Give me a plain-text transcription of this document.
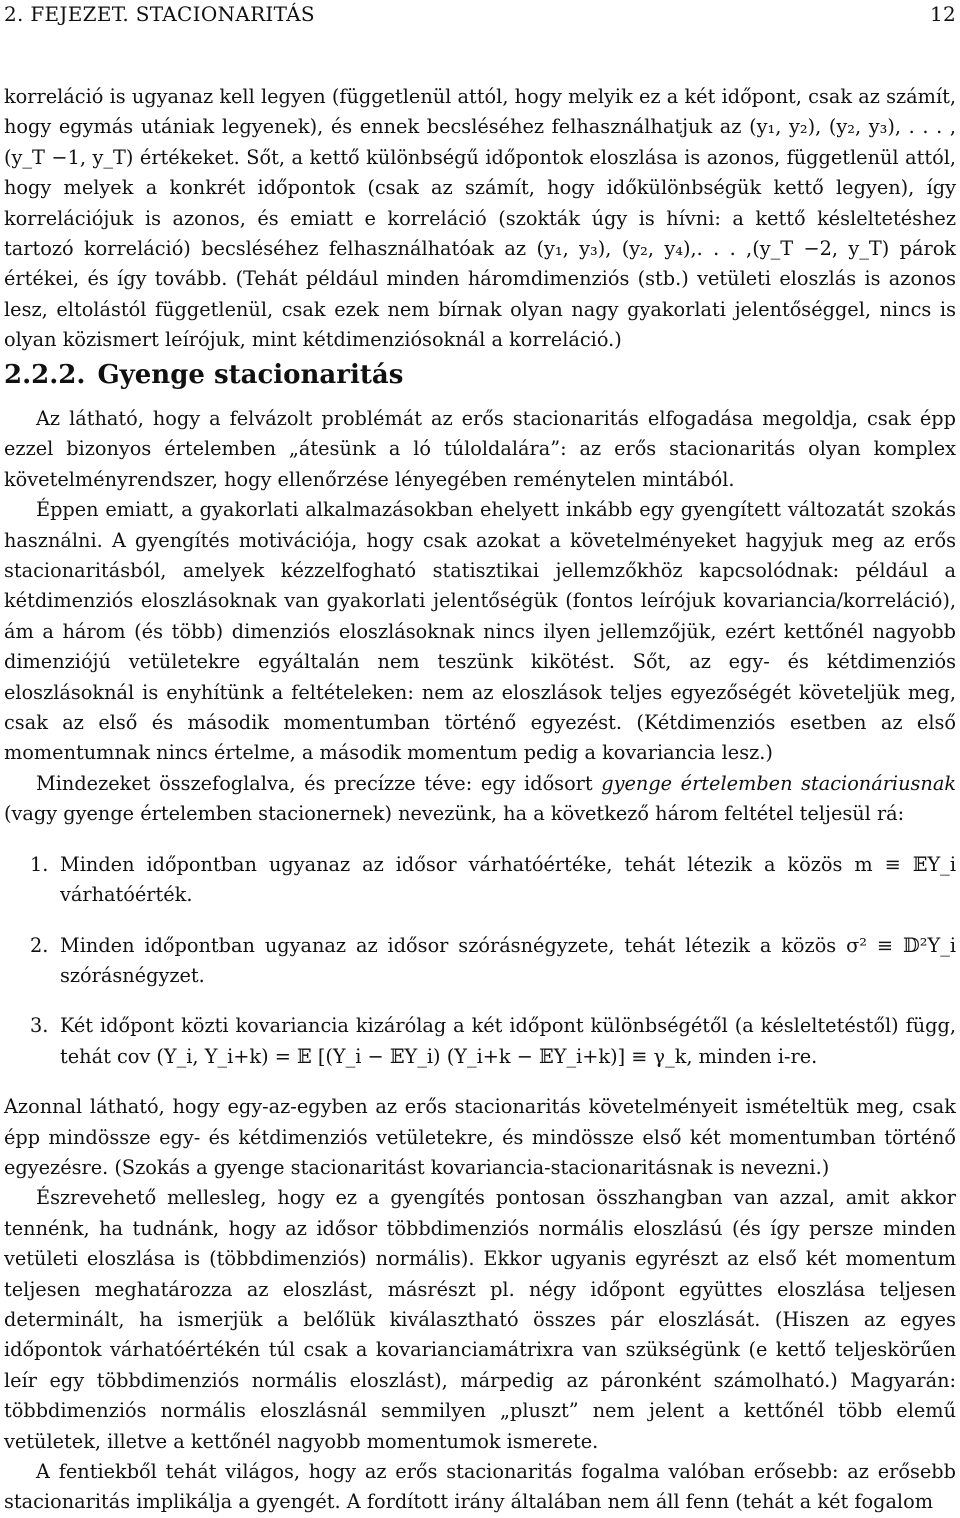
2. FEJEZET. STACIONARITÁS	12

korreláció is ugyanaz kell legyen (függetlenül attól, hogy melyik ez a két időpont, csak az számít, hogy egymás utániak legyenek), és ennek becsléséhez felhasználhatjuk az (y₁, y₂), (y₂, y₃), . . . , (y_T −1, y_T) értékeket. Sőt, a kettő különbségű időpontok eloszlása is azonos, függetlenül attól, hogy melyek a konkrét időpontok (csak az számít, hogy időkülönbségük kettő legyen), így korrelációjuk is azonos, és emiatt e korreláció (szokták úgy is hívni: a kettő késleltetéshez tartozó korreláció) becsléséhez felhasználhatóak az (y₁, y₃), (y₂, y₄),. . . ,(y_T −2, y_T) párok értékei, és így tovább. (Tehát például minden háromdimenziós (stb.) vetületi eloszlás is azonos lesz, eltolástól függetlenül, csak ezek nem bírnak olyan nagy gyakorlati jelentőséggel, nincs is olyan közismert leírójuk, mint kétdimenziósoknál a korreláció.)

2.2.2. Gyenge stacionaritás

Az látható, hogy a felvázolt problémát az erős stacionaritás elfogadása megoldja, csak épp ezzel bizonyos értelemben „átesünk a ló túloldalára”: az erős stacionaritás olyan komplex követelményrendszer, hogy ellenőrzése lényegében reménytelen mintából.

Éppen emiatt, a gyakorlati alkalmazásokban ehelyett inkább egy gyengített változatát szokás használni. A gyengítés motivációja, hogy csak azokat a követelményeket hagyjuk meg az erős stacionaritásból, amelyek kézzelfogható statisztikai jellemzőkhöz kapcsolódnak: például a kétdimenziós eloszlásoknak van gyakorlati jelentőségük (fontos leírójuk kovariancia/korreláció), ám a három (és több) dimenziós eloszlásoknak nincs ilyen jellemzőjük, ezért kettőnél nagyobb dimenziójú vetületekre egyáltalán nem teszünk kikötést. Sőt, az egy- és kétdimenziós eloszlásoknál is enyhítünk a feltételeken: nem az eloszlások teljes egyezőségét követeljük meg, csak az első és második momentumban történő egyezést. (Kétdimenziós esetben az első momentumnak nincs értelme, a második momentum pedig a kovariancia lesz.)

Mindezeket összefoglalva, és precízze téve: egy idősort gyenge értelemben stacionáriusnak (vagy gyenge értelemben stacionernek) nevezünk, ha a következő három feltétel teljesül rá:

1. Minden időpontban ugyanaz az idősor várhatóértéke, tehát létezik a közös m ≡ 𝔼Y_i várhatóérték.
2. Minden időpontban ugyanaz az idősor szórásnégyzete, tehát létezik a közös σ² ≡ 𝔻²Y_i szórásnégyzet.
3. Két időpont közti kovariancia kizárólag a két időpont különbségétől (a késleltetéstől) függ, tehát cov (Y_i, Y_i+k) = 𝔼 [(Y_i − 𝔼Y_i) (Y_i+k − 𝔼Y_i+k)] ≡ γ_k, minden i-re.

Azonnal látható, hogy egy-az-egyben az erős stacionaritás követelményeit ismételtük meg, csak épp mindössze egy- és kétdimenziós vetületekre, és mindössze első két momentumban történő egyezésre. (Szokás a gyenge stacionaritást kovariancia-stacionaritásnak is nevezni.)

Észrevehető mellesleg, hogy ez a gyengítés pontosan összhangban van azzal, amit akkor tennénk, ha tudnánk, hogy az idősor többdimenziós normális eloszlású (és így persze minden vetületi eloszlása is (többdimenziós) normális). Ekkor ugyanis egyrészt az első két momentum teljesen meghatározza az eloszlást, másrészt pl. négy időpont együttes eloszlása teljesen determinált, ha ismerjük a belőlük kiválasztható összes pár eloszlását. (Hiszen az egyes időpontok várhatóértékén túl csak a kovarianciamátrixra van szükségünk (e kettő teljeskörűen leír egy többdimenziós normális eloszlást), márpedig az páronként számolható.) Magyarán: többdimenziós normális eloszlásnál semmilyen „pluszt” nem jelent a kettőnél több elemű vetületek, illetve a kettőnél nagyobb momentumok ismerete.

A fentiekből tehát világos, hogy az erős stacionaritás fogalma valóban erősebb: az erősebb stacionaritás implikálja a gyengét. A fordított irány általában nem áll fenn (tehát a két fogalom
